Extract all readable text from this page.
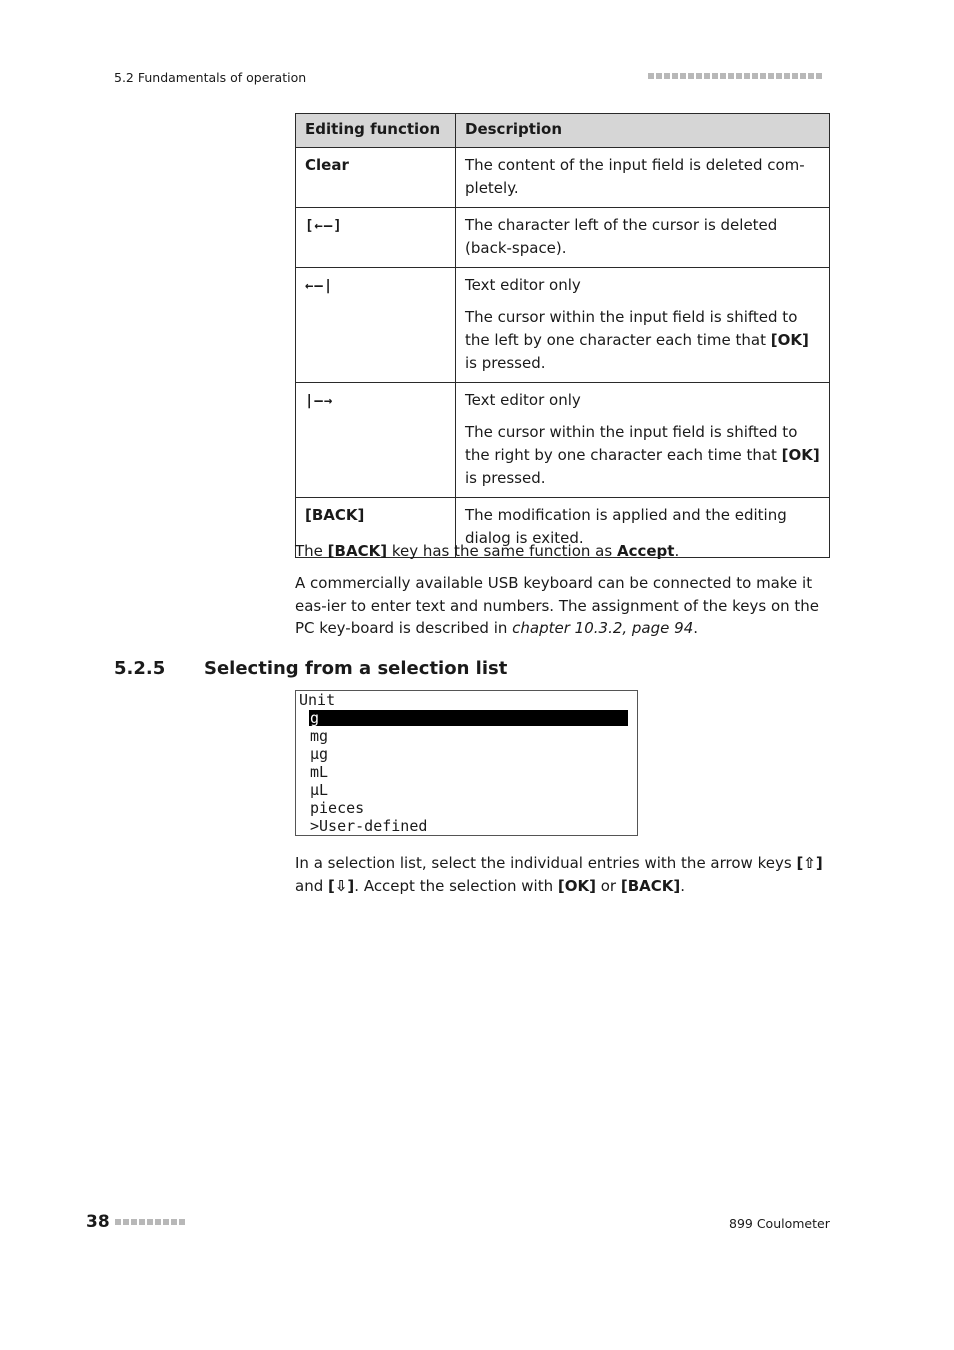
5.2 Fundamentals of operation
Editing function	Description
Clear	The content of the input field is deleted com-pletely.

[←–]	The character left of the cursor is deleted (back-space).

←–|	Text editor only

The cursor within the input field is shifted to the left by one character each time that [OK] is pressed.

|–→	Text editor only

The cursor within the input field is shifted to the right by one character each time that [OK] is pressed.

[BACK]	The modification is applied and the editing dialog is exited.

The [BACK] key has the same function as Accept.

A commercially available USB keyboard can be connected to make it eas-ier to enter text and numbers. The assignment of the keys on the PC key-board is described in chapter 10.3.2, page 94.

5.2.5 Selecting from a selection list
Unit
g
mg
µg
mL
µL
pieces
>User-defined

In a selection list, select the individual entries with the arrow keys [⇧] and [⇩]. Accept the selection with [OK] or [BACK].

38	899 Coulometer
